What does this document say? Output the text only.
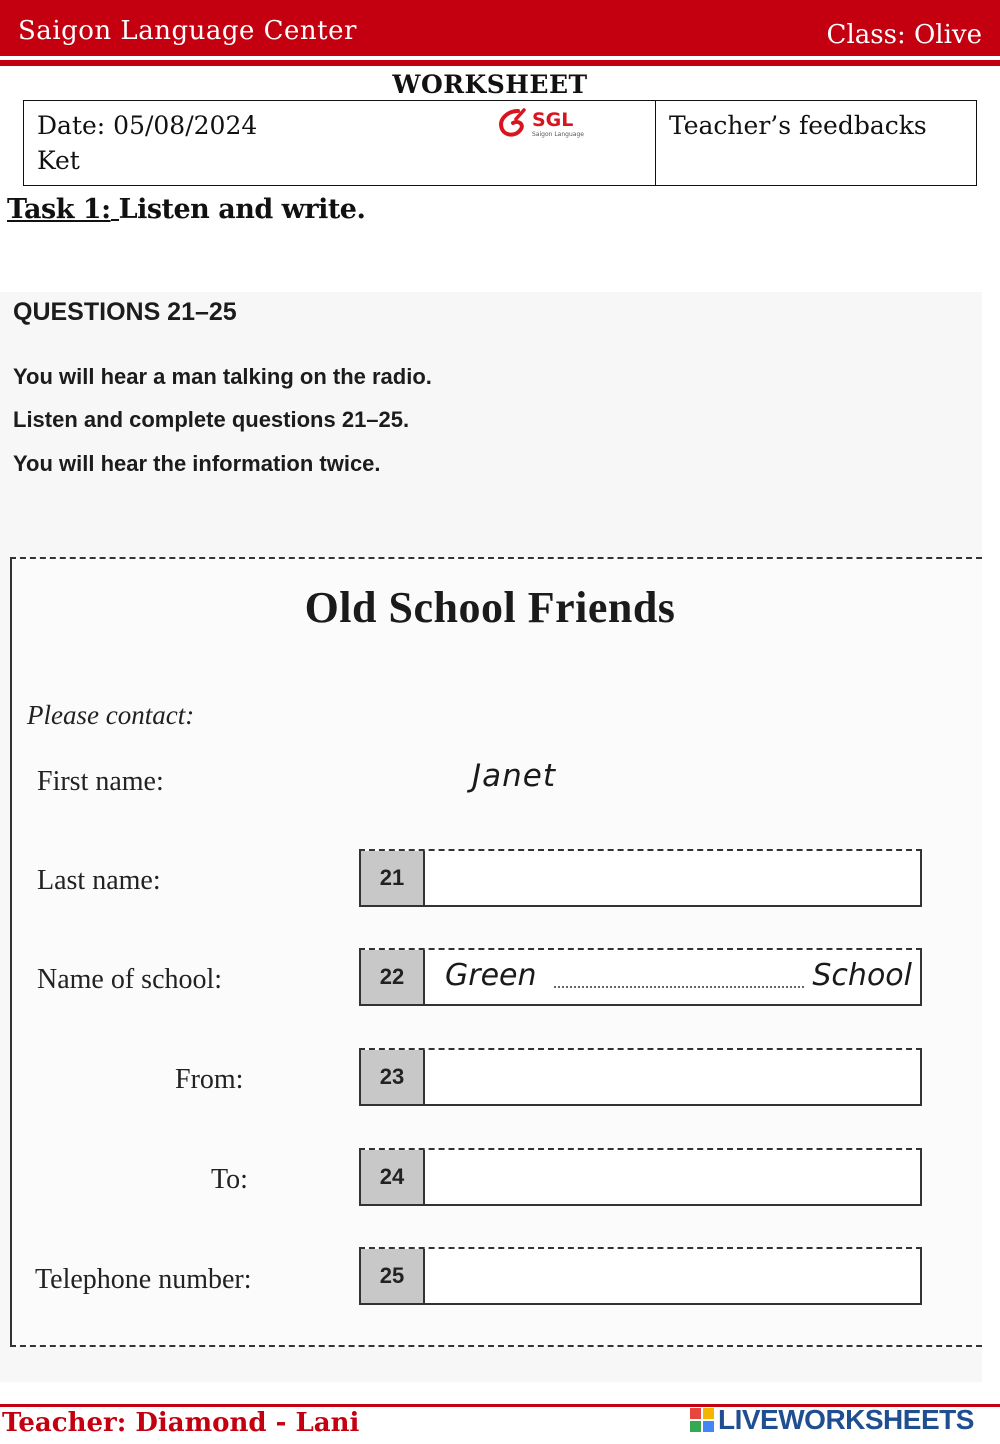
Saigon Language Center	Class: Olive
WORKSHEET
Date: 05/08/2024
Ket
SGL
Saigon Language	Teacher’s feedbacks
Task 1: Listen and write.
QUESTIONS 21–25
You will hear a man talking on the radio.
Listen and complete questions 21–25.
You will hear the information twice.
Old School Friends
Please contact:
First name:	Janet
Last name:	21
Name of school:	22	Green	School
From:	23
To:	24
Telephone number:	25
Teacher: Diamond - Lani	LIVEWORKSHEETS
